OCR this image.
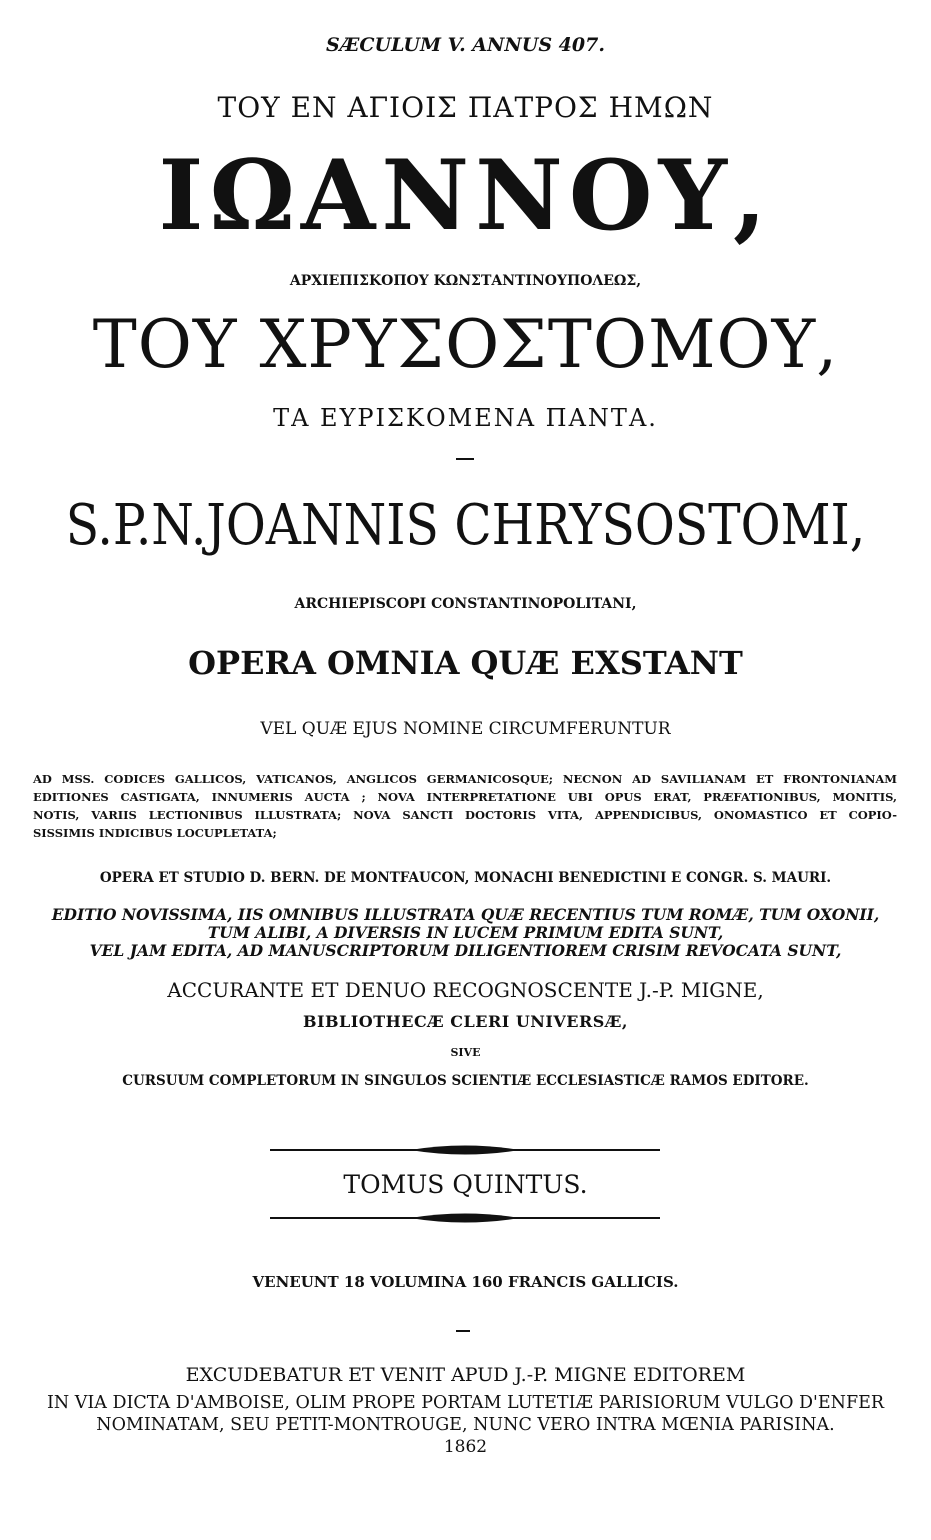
SÆCULUM V. ANNUS 407.
ΤΟΥ ΕΝ ΑΓΙΟΙΣ ΠΑΤΡΟΣ ΗΜΩΝ
ΙΩΑΝΝΟΥ,
ΑΡΧΙΕΠΙΣΚΟΠΟΥ ΚΩΝΣΤΑΝΤΙΝΟΥΠΟΛΕΩΣ,
ΤΟΥ ΧΡΥΣΟΣΤΟΜΟΥ,
ΤΑ ΕΥΡΙΣΚΟΜΕΝΑ ΠΑΝΤΑ.
S.P.N.JOANNIS CHRYSOSTOMI,
ARCHIEPISCOPI CONSTANTINOPOLITANI,
OPERA OMNIA QUÆ EXSTANT
VEL QUÆ EJUS NOMINE CIRCUMFERUNTUR
AD MSS. CODICES GALLICOS, VATICANOS, ANGLICOS GERMANICOSQUE; NECNON AD SAVILIANAM ET FRONTONIANAM
EDITIONES CASTIGATA, INNUMERIS AUCTA ; NOVA INTERPRETATIONE UBI OPUS ERAT, PRÆFATIONIBUS, MONITIS,
NOTIS, VARIIS LECTIONIBUS ILLUSTRATA; NOVA SANCTI DOCTORIS VITA, APPENDICIBUS, ONOMASTICO ET COPIO-
SISSIMIS INDICIBUS LOCUPLETATA;
OPERA ET STUDIO D. BERN. DE MONTFAUCON, MONACHI BENEDICTINI E CONGR. S. MAURI.
EDITIO NOVISSIMA, IIS OMNIBUS ILLUSTRATA QUÆ RECENTIUS TUM ROMÆ, TUM OXONII,
TUM ALIBI, A DIVERSIS IN LUCEM PRIMUM EDITA SUNT,
VEL JAM EDITA, AD MANUSCRIPTORUM DILIGENTIOREM CRISIM REVOCATA SUNT,
ACCURANTE ET DENUO RECOGNOSCENTE J.-P. MIGNE,
BIBLIOTHECÆ CLERI UNIVERSÆ,
SIVE
CURSUUM COMPLETORUM IN SINGULOS SCIENTIÆ ECCLESIASTICÆ RAMOS EDITORE.
TOMUS QUINTUS.
VENEUNT 18 VOLUMINA 160 FRANCIS GALLICIS.
EXCUDEBATUR ET VENIT APUD J.-P. MIGNE EDITOREM
IN VIA DICTA D'AMBOISE, OLIM PROPE PORTAM LUTETIÆ PARISIORUM VULGO D'ENFER
NOMINATAM, SEU PETIT-MONTROUGE, NUNC VERO INTRA MŒNIA PARISINA.
1862
